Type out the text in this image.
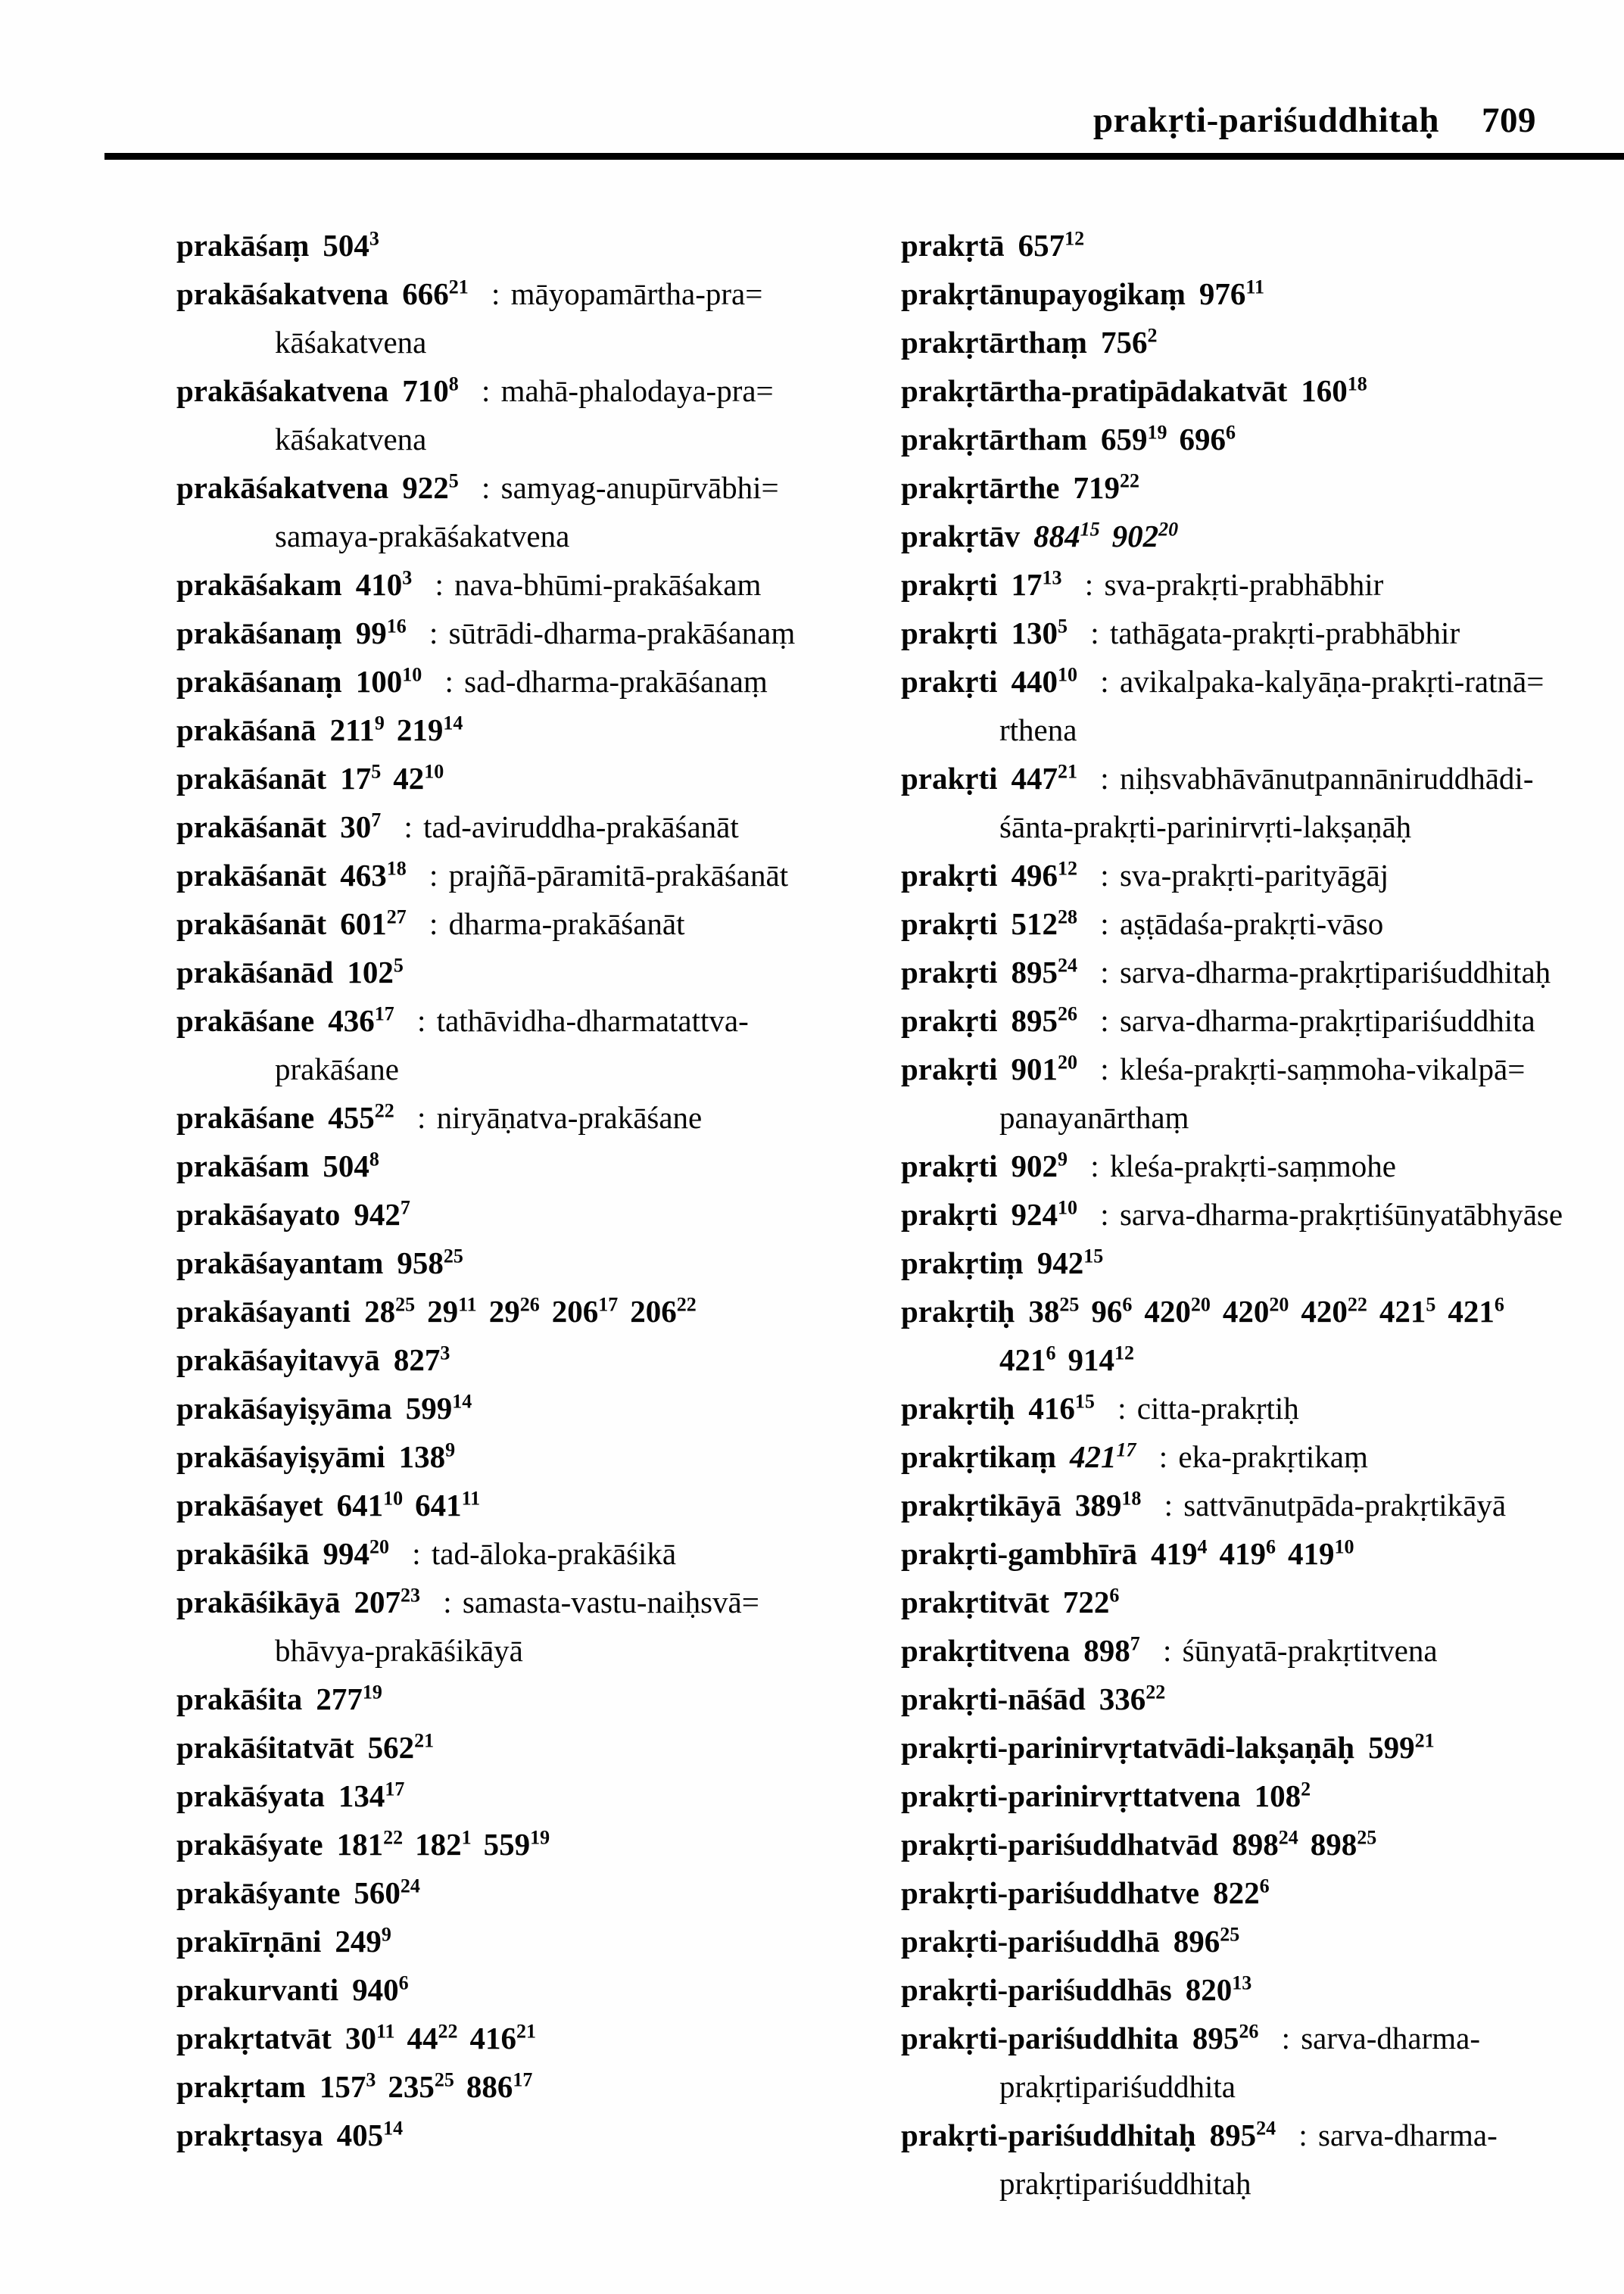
prakṛti-pariśuddhitaḥ 709
prakāśaṃ $504^3$
prakāśakatvena $666^{21}$ : māyopamārtha-pra=
kāśakatvena
prakāśakatvena $710^8$ : mahā-phalodaya-pra=
kāśakatvena
prakāśakatvena $922^5$ : samyag-anupūrvābhi=
samaya-prakāśakatvena
prakāśakam $410^3$ : nava-bhūmi-prakāśakam
prakāśanaṃ $99^{16}$ : sūtrādi-dharma-prakāśanaṃ
prakāśanaṃ $100^{10}$ : sad-dharma-prakāśanaṃ
prakāśanā $211^9$ $219^{14}$
prakāśanāt $17^5$ $42^{10}$
prakāśanāt $30^7$ : tad-aviruddha-prakāśanāt
prakāśanāt $463^{18}$ : prajñā-pāramitā-prakāśanāt
prakāśanāt $601^{27}$ : dharma-prakāśanāt
prakāśanād $102^5$
prakāśane $436^{17}$ : tathāvidha-dharmatattva-
prakāśane
prakāśane $455^{22}$ : niryāṇatva-prakāśane
prakāśam $504^8$
prakāśayato $942^7$
prakāśayantam $958^{25}$
prakāśayanti $28^{25}$ $29^{11}$ $29^{26}$ $206^{17}$ $206^{22}$
prakāśayitavyā $827^3$
prakāśayiṣyāma $599^{14}$
prakāśayiṣyāmi $138^9$
prakāśayet $641^{10}$ $641^{11}$
prakāśikā $994^{20}$ : tad-āloka-prakāśikā
prakāśikāyā $207^{23}$ : samasta-vastu-naiḥsvā=
bhāvya-prakāśikāyā
prakāśita $277^{19}$
prakāśitatvāt $562^{21}$
prakāśyata $134^{17}$
prakāśyate $181^{22}$ $182^1$ $559^{19}$
prakāśyante $560^{24}$
prakīrṇāni $249^9$
prakurvanti $940^6$
prakṛtatvāt $30^{11}$ $44^{22}$ $416^{21}$
prakṛtam $157^3$ $235^{25}$ $886^{17}$
prakṛtasya $405^{14}$
prakṛtā $657^{12}$
prakṛtānupayogikaṃ $976^{11}$
prakṛtārthaṃ $756^2$
prakṛtārtha-pratipādakatvāt $160^{18}$
prakṛtārtham $659^{19}$ $696^6$
prakṛtārthe $719^{22}$
prakṛtāv $884^{15}$ $902^{20}$
prakṛti $17^{13}$ : sva-prakṛti-prabhābhir
prakṛti $130^5$ : tathāgata-prakṛti-prabhābhir
prakṛti $440^{10}$ : avikalpaka-kalyāṇa-prakṛti-ratnā=
rthena
prakṛti $447^{21}$ : niḥsvabhāvānutpannāniruddhādi-
śānta-prakṛti-parinirvṛti-lakṣaṇāḥ
prakṛti $496^{12}$ : sva-prakṛti-parityāgāj
prakṛti $512^{28}$ : aṣṭādaśa-prakṛti-vāso
prakṛti $895^{24}$ : sarva-dharma-prakṛtipariśuddhitaḥ
prakṛti $895^{26}$ : sarva-dharma-prakṛtipariśuddhita
prakṛti $901^{20}$ : kleśa-prakṛti-saṃmoha-vikalpā=
panayanārthaṃ
prakṛti $902^9$ : kleśa-prakṛti-saṃmohe
prakṛti $924^{10}$ : sarva-dharma-prakṛtiśūnyatābhyāse
prakṛtiṃ $942^{15}$
prakṛtiḥ $38^{25}$ $96^6$ $420^{20}$ $420^{20}$ $420^{22}$ $421^5$ $421^6$
$421^6$ $914^{12}$
prakṛtiḥ $416^{15}$ : citta-prakṛtiḥ
prakṛtikaṃ $421^{17}$ : eka-prakṛtikaṃ
prakṛtikāyā $389^{18}$ : sattvānutpāda-prakṛtikāyā
prakṛti-gambhīrā $419^4$ $419^6$ $419^{10}$
prakṛtitvāt $722^6$
prakṛtitvena $898^7$ : śūnyatā-prakṛtitvena
prakṛti-nāśād $336^{22}$
prakṛti-parinirvṛtatvādi-lakṣaṇāḥ $599^{21}$
prakṛti-parinirvṛttatvena $108^2$
prakṛti-pariśuddhatvād $898^{24}$ $898^{25}$
prakṛti-pariśuddhatve $822^6$
prakṛti-pariśuddhā $896^{25}$
prakṛti-pariśuddhās $820^{13}$
prakṛti-pariśuddhita $895^{26}$ : sarva-dharma-
prakṛtipariśuddhita
prakṛti-pariśuddhitaḥ $895^{24}$ : sarva-dharma-
prakṛtipariśuddhitaḥ
